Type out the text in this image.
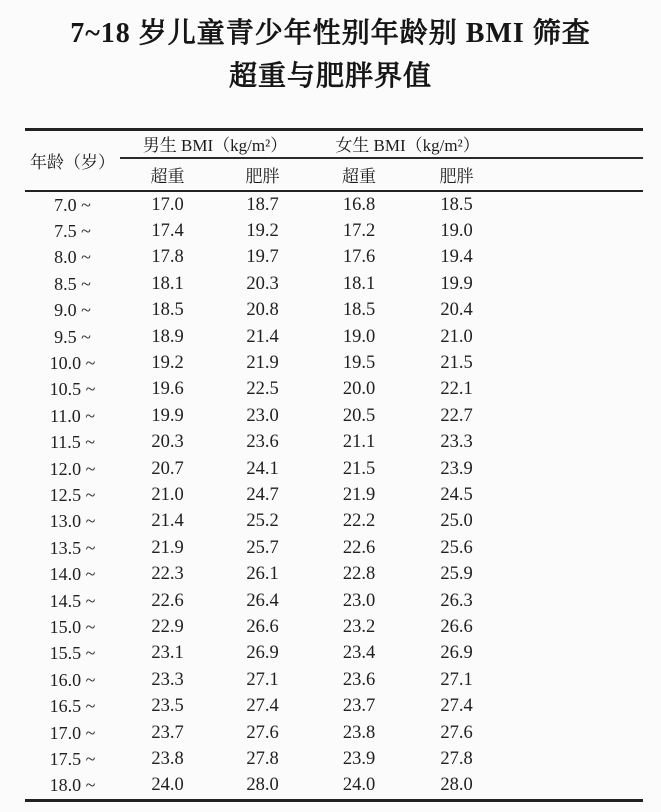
7~18 岁儿童青少年性别年龄别 BMI 筛查
超重与肥胖界值
年龄（岁）	男生 BMI（kg/m²）		女生 BMI（kg/m²）		
	超重	肥胖	超重	肥胖	
7.0 ~	17.0	18.7	16.8	18.5	
7.5 ~	17.4	19.2	17.2	19.0	
8.0 ~	17.8	19.7	17.6	19.4	
8.5 ~	18.1	20.3	18.1	19.9	
9.0 ~	18.5	20.8	18.5	20.4	
9.5 ~	18.9	21.4	19.0	21.0	
10.0 ~	19.2	21.9	19.5	21.5	
10.5 ~	19.6	22.5	20.0	22.1	
11.0 ~	19.9	23.0	20.5	22.7	
11.5 ~	20.3	23.6	21.1	23.3	
12.0 ~	20.7	24.1	21.5	23.9	
12.5 ~	21.0	24.7	21.9	24.5	
13.0 ~	21.4	25.2	22.2	25.0	
13.5 ~	21.9	25.7	22.6	25.6	
14.0 ~	22.3	26.1	22.8	25.9	
14.5 ~	22.6	26.4	23.0	26.3	
15.0 ~	22.9	26.6	23.2	26.6	
15.5 ~	23.1	26.9	23.4	26.9	
16.0 ~	23.3	27.1	23.6	27.1	
16.5 ~	23.5	27.4	23.7	27.4	
17.0 ~	23.7	27.6	23.8	27.6	
17.5 ~	23.8	27.8	23.9	27.8	
18.0 ~	24.0	28.0	24.0	28.0	
